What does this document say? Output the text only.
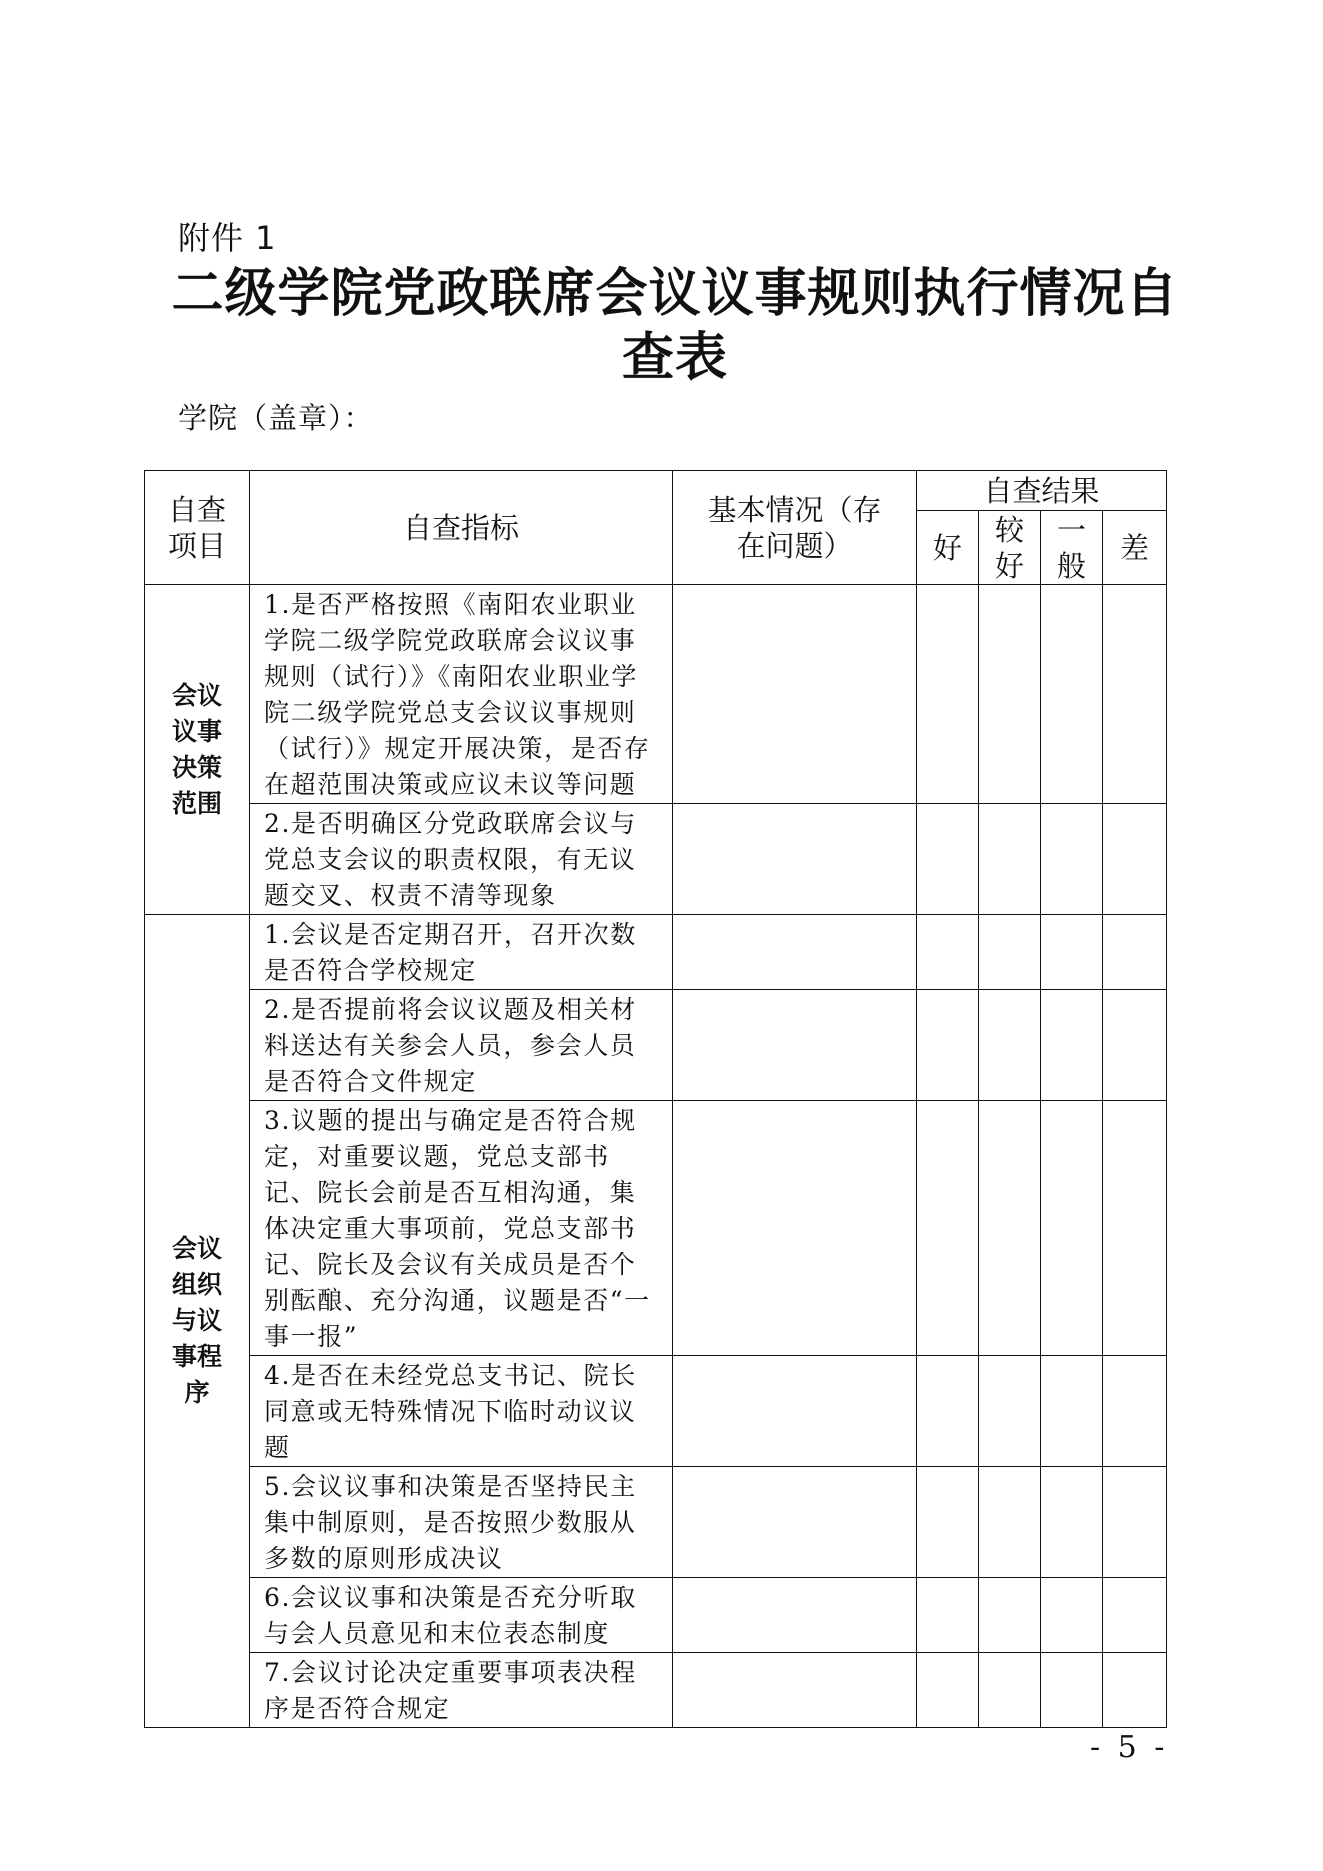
附件 1
二级学院党政联席会议议事规则执行情况自查表
学院（盖章）：
自查项目	自查指标	基本情况（存在问题）	自查结果			
			好	较好	一般	差
会议议事决策范围	1.是否严格按照《南阳农业职业学院二级学院党政联席会议议事规则（试行）》《南阳农业职业学院二级学院党总支会议议事规则（试行）》规定开展决策，是否存在超范围决策或应议未议等问题					
	2.是否明确区分党政联席会议与党总支会议的职责权限，有无议题交叉、权责不清等现象					
会议组织与议事程序	1.会议是否定期召开，召开次数是否符合学校规定					
	2.是否提前将会议议题及相关材料送达有关参会人员，参会人员是否符合文件规定					
	3.议题的提出与确定是否符合规定，对重要议题，党总支部书记、院长会前是否互相沟通，集体决定重大事项前，党总支部书记、院长及会议有关成员是否个别酝酿、充分沟通，议题是否“一事一报”					
	4.是否在未经党总支书记、院长同意或无特殊情况下临时动议议题					
	5.会议议事和决策是否坚持民主集中制原则，是否按照少数服从多数的原则形成决议					
	6.会议议事和决策是否充分听取与会人员意见和末位表态制度					
	7.会议讨论决定重要事项表决程序是否符合规定					
- 5 -
